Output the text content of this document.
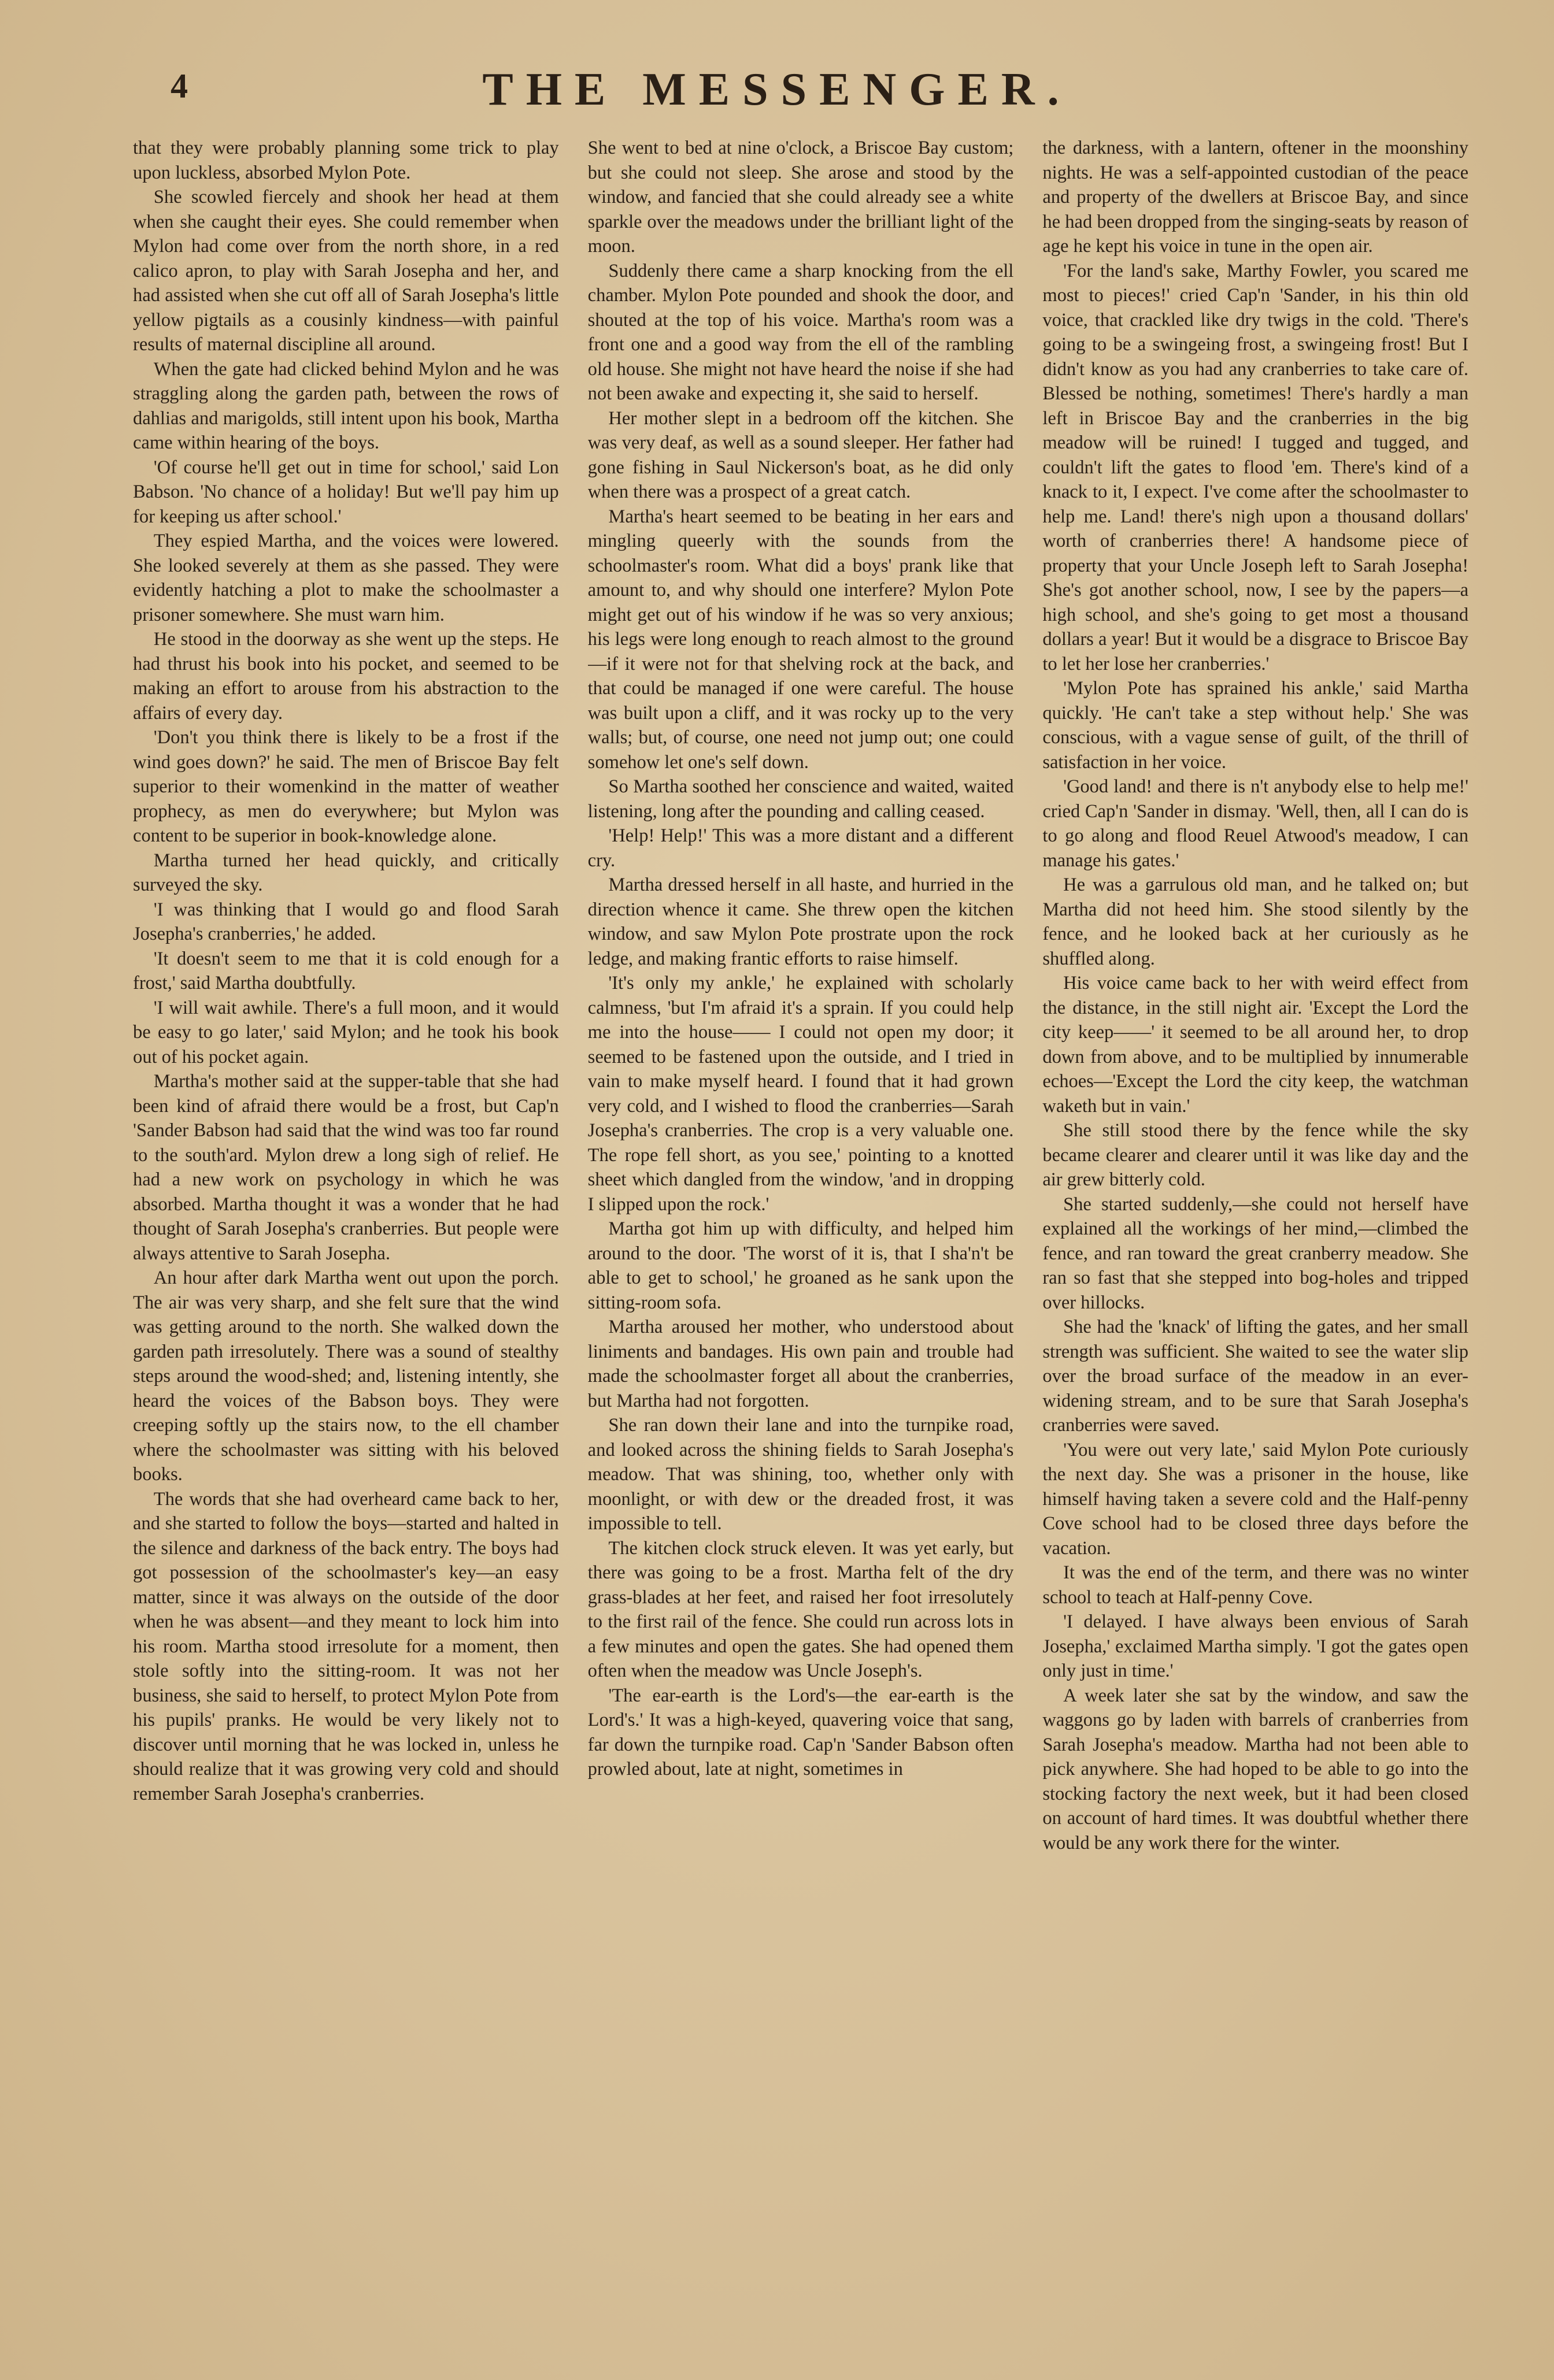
4	THE MESSENGER.

that they were probably planning some trick to play upon luckless, absorbed Mylon Pote.

She scowled fiercely and shook her head at them when she caught their eyes. She could remember when Mylon had come over from the north shore, in a red calico apron, to play with Sarah Josepha and her, and had assisted when she cut off all of Sarah Josepha's little yellow pigtails as a cousinly kindness—with painful results of maternal discipline all around.

When the gate had clicked behind Mylon and he was straggling along the garden path, between the rows of dahlias and marigolds, still intent upon his book, Martha came within hearing of the boys.

'Of course he'll get out in time for school,' said Lon Babson. 'No chance of a holiday! But we'll pay him up for keeping us after school.'

They espied Martha, and the voices were lowered. She looked severely at them as she passed. They were evidently hatching a plot to make the schoolmaster a prisoner somewhere. She must warn him.

He stood in the doorway as she went up the steps. He had thrust his book into his pocket, and seemed to be making an effort to arouse from his abstraction to the affairs of every day.

'Don't you think there is likely to be a frost if the wind goes down?' he said. The men of Briscoe Bay felt superior to their womenkind in the matter of weather prophecy, as men do everywhere; but Mylon was content to be superior in book-knowledge alone.

Martha turned her head quickly, and critically surveyed the sky.

'I was thinking that I would go and flood Sarah Josepha's cranberries,' he added.

'It doesn't seem to me that it is cold enough for a frost,' said Martha doubtfully.

'I will wait awhile. There's a full moon, and it would be easy to go later,' said Mylon; and he took his book out of his pocket again.

Martha's mother said at the supper-table that she had been kind of afraid there would be a frost, but Cap'n 'Sander Babson had said that the wind was too far round to the south'ard. Mylon drew a long sigh of relief. He had a new work on psychology in which he was absorbed. Martha thought it was a wonder that he had thought of Sarah Josepha's cranberries. But people were always attentive to Sarah Josepha.

An hour after dark Martha went out upon the porch. The air was very sharp, and she felt sure that the wind was getting around to the north. She walked down the garden path irresolutely. There was a sound of stealthy steps around the wood-shed; and, listening intently, she heard the voices of the Babson boys. They were creeping softly up the stairs now, to the ell chamber where the schoolmaster was sitting with his beloved books.

The words that she had overheard came back to her, and she started to follow the boys—started and halted in the silence and darkness of the back entry. The boys had got possession of the schoolmaster's key—an easy matter, since it was always on the outside of the door when he was absent—and they meant to lock him into his room. Martha stood irresolute for a moment, then stole softly into the sitting-room. It was not her business, she said to herself, to protect Mylon Pote from his pupils' pranks. He would be very likely not to discover until morning that he was locked in, unless he should realize that it was growing very cold and should remember Sarah Josepha's cranberries.

She went to bed at nine o'clock, a Briscoe Bay custom; but she could not sleep. She arose and stood by the window, and fancied that she could already see a white sparkle over the meadows under the brilliant light of the moon.

Suddenly there came a sharp knocking from the ell chamber. Mylon Pote pounded and shook the door, and shouted at the top of his voice. Martha's room was a front one and a good way from the ell of the rambling old house. She might not have heard the noise if she had not been awake and expecting it, she said to herself.

Her mother slept in a bedroom off the kitchen. She was very deaf, as well as a sound sleeper. Her father had gone fishing in Saul Nickerson's boat, as he did only when there was a prospect of a great catch.

Martha's heart seemed to be beating in her ears and mingling queerly with the sounds from the schoolmaster's room. What did a boys' prank like that amount to, and why should one interfere? Mylon Pote might get out of his window if he was so very anxious; his legs were long enough to reach almost to the ground—if it were not for that shelving rock at the back, and that could be managed if one were careful. The house was built upon a cliff, and it was rocky up to the very walls; but, of course, one need not jump out; one could somehow let one's self down.

So Martha soothed her conscience and waited, waited listening, long after the pounding and calling ceased.

'Help! Help!' This was a more distant and a different cry.

Martha dressed herself in all haste, and hurried in the direction whence it came. She threw open the kitchen window, and saw Mylon Pote prostrate upon the rock ledge, and making frantic efforts to raise himself.

'It's only my ankle,' he explained with scholarly calmness, 'but I'm afraid it's a sprain. If you could help me into the house—— I could not open my door; it seemed to be fastened upon the outside, and I tried in vain to make myself heard. I found that it had grown very cold, and I wished to flood the cranberries—Sarah Josepha's cranberries. The crop is a very valuable one. The rope fell short, as you see,' pointing to a knotted sheet which dangled from the window, 'and in dropping I slipped upon the rock.'

Martha got him up with difficulty, and helped him around to the door. 'The worst of it is, that I sha'n't be able to get to school,' he groaned as he sank upon the sitting-room sofa.

Martha aroused her mother, who understood about liniments and bandages. His own pain and trouble had made the schoolmaster forget all about the cranberries, but Martha had not forgotten.

She ran down their lane and into the turnpike road, and looked across the shining fields to Sarah Josepha's meadow. That was shining, too, whether only with moonlight, or with dew or the dreaded frost, it was impossible to tell.

The kitchen clock struck eleven. It was yet early, but there was going to be a frost. Martha felt of the dry grass-blades at her feet, and raised her foot irresolutely to the first rail of the fence. She could run across lots in a few minutes and open the gates. She had opened them often when the meadow was Uncle Joseph's.

'The ear-earth is the Lord's—the ear-earth is the Lord's.' It was a high-keyed, quavering voice that sang, far down the turnpike road. Cap'n 'Sander Babson often prowled about, late at night, sometimes in

the darkness, with a lantern, oftener in the moonshiny nights. He was a self-appointed custodian of the peace and property of the dwellers at Briscoe Bay, and since he had been dropped from the singing-seats by reason of age he kept his voice in tune in the open air.

'For the land's sake, Marthy Fowler, you scared me most to pieces!' cried Cap'n 'Sander, in his thin old voice, that crackled like dry twigs in the cold. 'There's going to be a swingeing frost, a swingeing frost! But I didn't know as you had any cranberries to take care of. Blessed be nothing, sometimes! There's hardly a man left in Briscoe Bay and the cranberries in the big meadow will be ruined! I tugged and tugged, and couldn't lift the gates to flood 'em. There's kind of a knack to it, I expect. I've come after the schoolmaster to help me. Land! there's nigh upon a thousand dollars' worth of cranberries there! A handsome piece of property that your Uncle Joseph left to Sarah Josepha! She's got another school, now, I see by the papers—a high school, and she's going to get most a thousand dollars a year! But it would be a disgrace to Briscoe Bay to let her lose her cranberries.'

'Mylon Pote has sprained his ankle,' said Martha quickly. 'He can't take a step without help.' She was conscious, with a vague sense of guilt, of the thrill of satisfaction in her voice.

'Good land! and there is n't anybody else to help me!' cried Cap'n 'Sander in dismay. 'Well, then, all I can do is to go along and flood Reuel Atwood's meadow, I can manage his gates.'

He was a garrulous old man, and he talked on; but Martha did not heed him. She stood silently by the fence, and he looked back at her curiously as he shuffled along.

His voice came back to her with weird effect from the distance, in the still night air. 'Except the Lord the city keep——' it seemed to be all around her, to drop down from above, and to be multiplied by innumerable echoes—'Except the Lord the city keep, the watchman waketh but in vain.'

She still stood there by the fence while the sky became clearer and clearer until it was like day and the air grew bitterly cold.

She started suddenly,—she could not herself have explained all the workings of her mind,—climbed the fence, and ran toward the great cranberry meadow. She ran so fast that she stepped into bog-holes and tripped over hillocks.

She had the 'knack' of lifting the gates, and her small strength was sufficient. She waited to see the water slip over the broad surface of the meadow in an ever-widening stream, and to be sure that Sarah Josepha's cranberries were saved.

'You were out very late,' said Mylon Pote curiously the next day. She was a prisoner in the house, like himself having taken a severe cold and the Half-penny Cove school had to be closed three days before the vacation.

It was the end of the term, and there was no winter school to teach at Half-penny Cove.

'I delayed. I have always been envious of Sarah Josepha,' exclaimed Martha simply. 'I got the gates open only just in time.'

A week later she sat by the window, and saw the waggons go by laden with barrels of cranberries from Sarah Josepha's meadow. Martha had not been able to pick anywhere. She had hoped to be able to go into the stocking factory the next week, but it had been closed on account of hard times. It was doubtful whether there would be any work there for the winter.
